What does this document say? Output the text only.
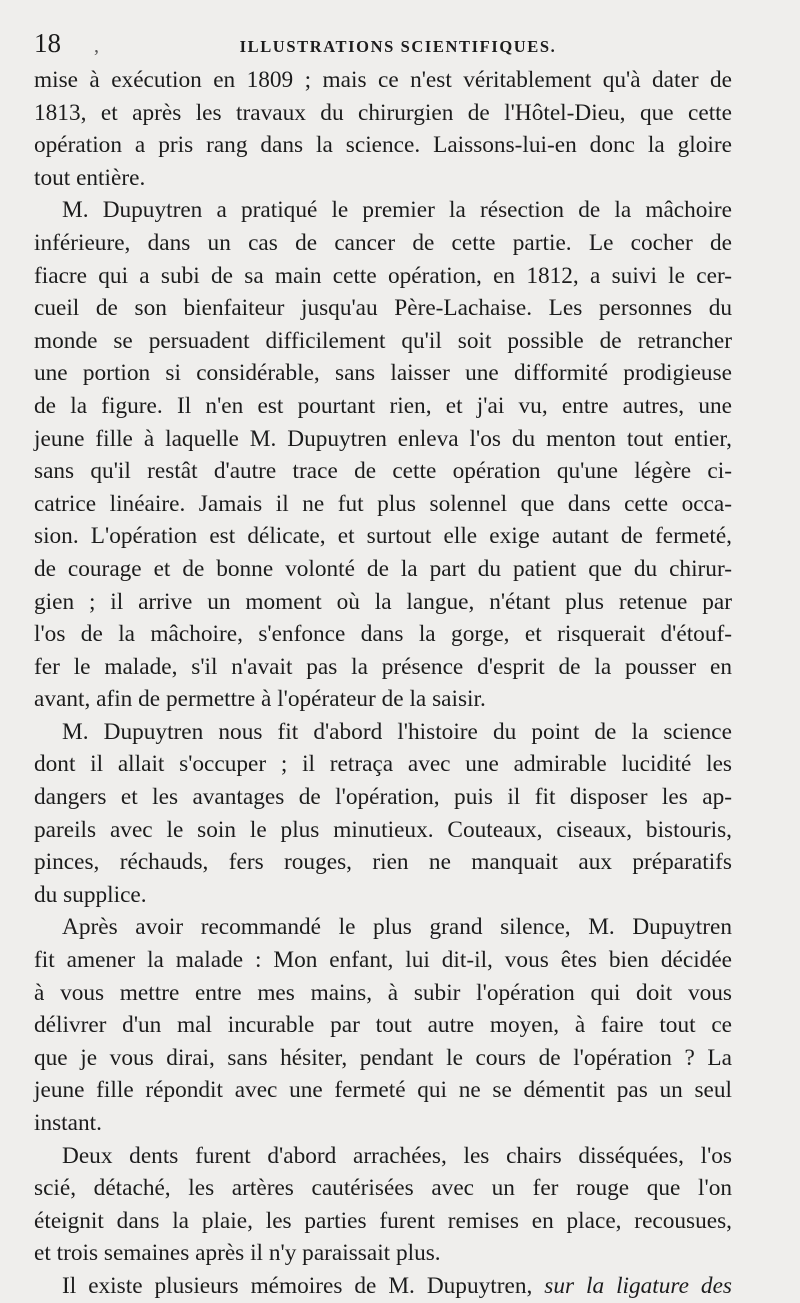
18	,	ILLUSTRATIONS SCIENTIFIQUES.

mise à exécution en 1809 ; mais ce n'est véritablement qu'à dater de
1813, et après les travaux du chirurgien de l'Hôtel-Dieu, que cette
opération a pris rang dans la science. Laissons-lui-en donc la gloire
tout entière.

M. Dupuytren a pratiqué le premier la résection de la mâchoire
inférieure, dans un cas de cancer de cette partie. Le cocher de
fiacre qui a subi de sa main cette opération, en 1812, a suivi le cer-
cueil de son bienfaiteur jusqu'au Père-Lachaise. Les personnes du
monde se persuadent difficilement qu'il soit possible de retrancher
une portion si considérable, sans laisser une difformité prodigieuse
de la figure. Il n'en est pourtant rien, et j'ai vu, entre autres, une
jeune fille à laquelle M. Dupuytren enleva l'os du menton tout entier,
sans qu'il restât d'autre trace de cette opération qu'une légère ci-
catrice linéaire. Jamais il ne fut plus solennel que dans cette occa-
sion. L'opération est délicate, et surtout elle exige autant de fermeté,
de courage et de bonne volonté de la part du patient que du chirur-
gien ; il arrive un moment où la langue, n'étant plus retenue par
l'os de la mâchoire, s'enfonce dans la gorge, et risquerait d'étouf-
fer le malade, s'il n'avait pas la présence d'esprit de la pousser en
avant, afin de permettre à l'opérateur de la saisir.

M. Dupuytren nous fit d'abord l'histoire du point de la science
dont il allait s'occuper ; il retraça avec une admirable lucidité les
dangers et les avantages de l'opération, puis il fit disposer les ap-
pareils avec le soin le plus minutieux. Couteaux, ciseaux, bistouris,
pinces, réchauds, fers rouges, rien ne manquait aux préparatifs
du supplice.

Après avoir recommandé le plus grand silence, M. Dupuytren
fit amener la malade : Mon enfant, lui dit-il, vous êtes bien décidée
à vous mettre entre mes mains, à subir l'opération qui doit vous
délivrer d'un mal incurable par tout autre moyen, à faire tout ce
que je vous dirai, sans hésiter, pendant le cours de l'opération ? La
jeune fille répondit avec une fermeté qui ne se démentit pas un seul
instant.

Deux dents furent d'abord arrachées, les chairs disséquées, l'os
scié, détaché, les artères cautérisées avec un fer rouge que l'on
éteignit dans la plaie, les parties furent remises en place, recousues,
et trois semaines après il n'y paraissait plus.

Il existe plusieurs mémoires de M. Dupuytren, sur la ligature des
